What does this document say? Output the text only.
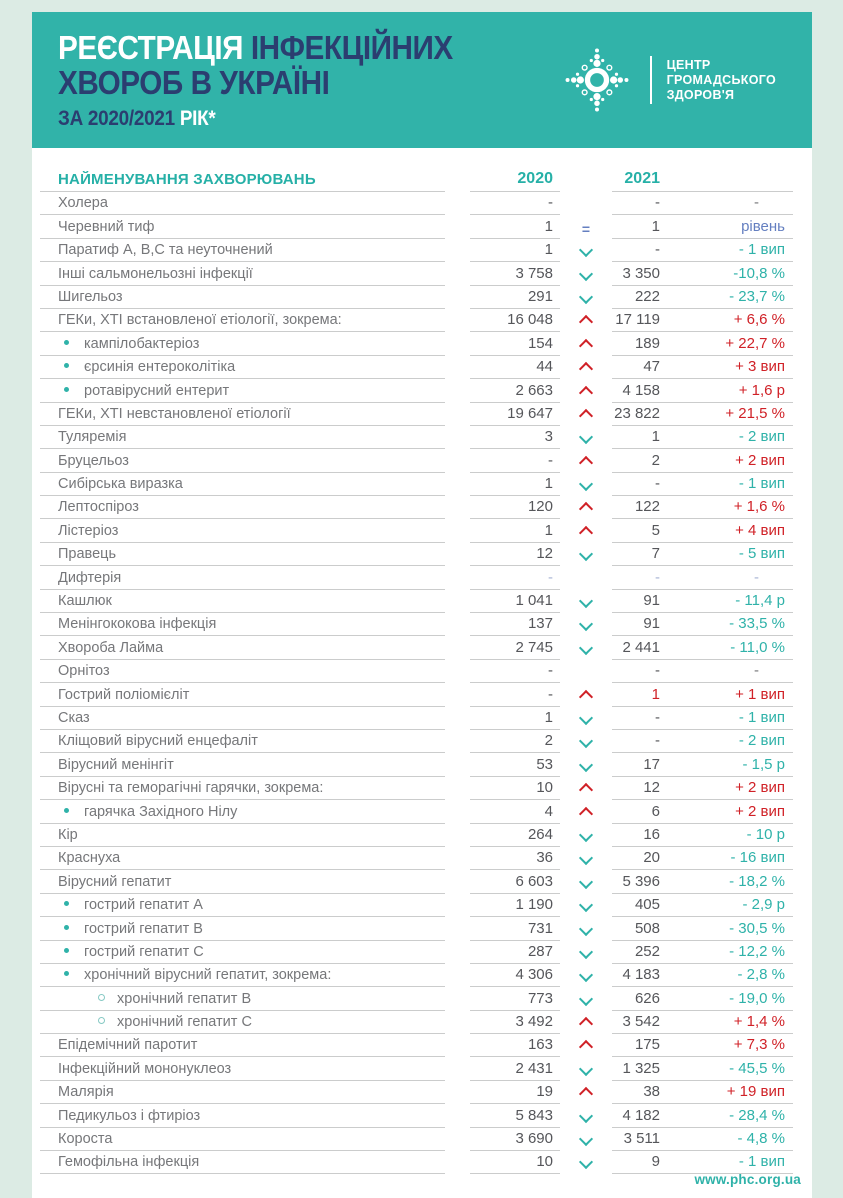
РЕЄСТРАЦІЯ ІНФЕКЦІЙНИХ
ХВОРОБ В УКРАЇНІ
ЗА 2020/2021 РІК*
ЦЕНТР
ГРОМАДСЬКОГО
ЗДОРОВ'Я
НАЙМЕНУВАННЯ ЗАХВОРЮВАНЬ	2020	2021
Холера	-	-	-
Черевний тиф	1	=	1	рівень
Паратиф А, В,С та неуточнений	1	-	- 1 вип
Інші сальмонельозні інфекції	3 758	3 350	-10,8 %
Шигельоз	291	222	- 23,7 %
ГЕКи, ХТІ встановленої етіології, зокрема:	16 048	17 119	+ 6,6 %
кампілобактеріоз	154	189	+ 22,7 %
єрсинія ентероколітіка	44	47	+ 3 вип
ротавірусний ентерит	2 663	4 158	+ 1,6 р
ГЕКи, ХТІ невстановленої етіології	19 647	23 822	+ 21,5 %
Туляремія	3	1	- 2 вип
Бруцельоз	-	2	+ 2 вип
Сибірська виразка	1	-	- 1 вип
Лептоспіроз	120	122	+ 1,6 %
Лістеріоз	1	5	+ 4 вип
Правець	12	7	- 5 вип
Дифтерія	-	-	-
Кашлюк	1 041	91	- 11,4 р
Менінгококова інфекція	137	91	- 33,5 %
Хвороба Лайма	2 745	2 441	- 11,0 %
Орнітоз	-	-	-
Гострий поліомієліт	-	1	+ 1 вип
Сказ	1	-	- 1 вип
Кліщовий вірусний енцефаліт	2	-	- 2 вип
Вірусний менінгіт	53	17	- 1,5 р
Вірусні та геморагічні гарячки, зокрема:	10	12	+ 2 вип
гарячка Західного Нілу	4	6	+ 2 вип
Кір	264	16	- 10 р
Краснуха	36	20	- 16 вип
Вірусний гепатит	6 603	5 396	- 18,2 %
гострий гепатит А	1 190	405	- 2,9 р
гострий гепатит В	731	508	- 30,5 %
гострий гепатит С	287	252	- 12,2 %
хронічний вірусний гепатит, зокрема:	4 306	4 183	- 2,8 %
хронічний гепатит В	773	626	- 19,0 %
хронічний гепатит С	3 492	3 542	+ 1,4 %
Епідемічний паротит	163	175	+ 7,3 %
Інфекційний мононуклеоз	2 431	1 325	- 45,5 %
Малярія	19	38	+ 19 вип
Педикульоз і фтиріоз	5 843	4 182	- 28,4 %
Короста	3 690	3 511	- 4,8 %
Гемофільна інфекція	10	9	- 1 вип
www.phc.org.ua
